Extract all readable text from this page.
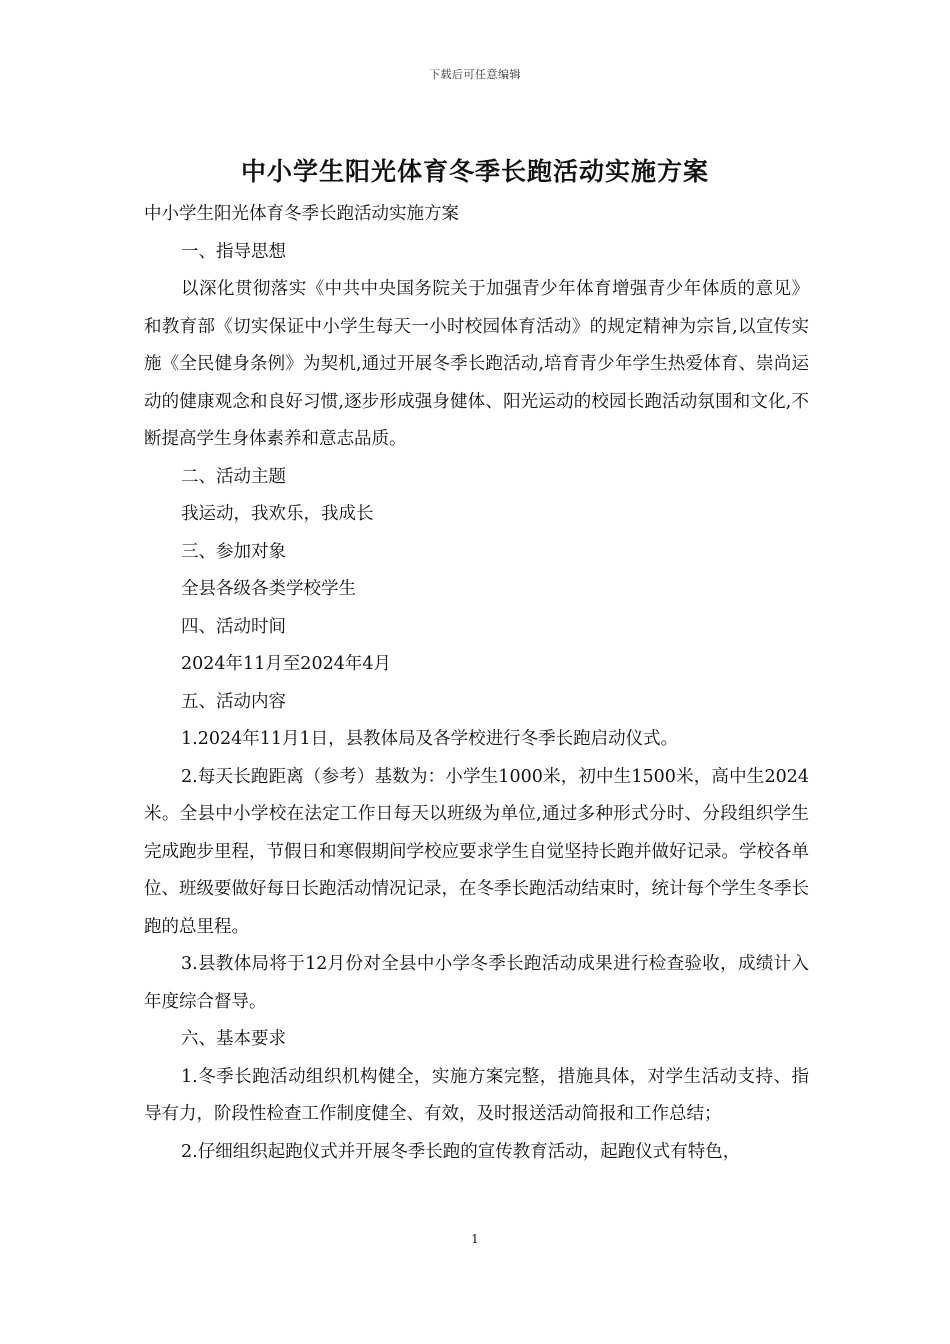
下载后可任意编辑
中小学生阳光体育冬季长跑活动实施方案

中小学生阳光体育冬季长跑活动实施方案

一、指导思想

以深化贯彻落实《中共中央国务院关于加强青少年体育增强青少年体质的意见》和教育部《切实保证中小学生每天一小时校园体育活动》的规定精神为宗旨,以宣传实施《全民健身条例》为契机,通过开展冬季长跑活动,培育青少年学生热爱体育、崇尚运动的健康观念和良好习惯,逐步形成强身健体、阳光运动的校园长跑活动氛围和文化,不断提高学生身体素养和意志品质。

二、活动主题

我运动，我欢乐，我成长

三、参加对象

全县各级各类学校学生

四、活动时间

2024年11月至2024年4月

五、活动内容

1.2024年11月1日，县教体局及各学校进行冬季长跑启动仪式。

2.每天长跑距离（参考）基数为：小学生1000米，初中生1500米，高中生2024米。全县中小学校在法定工作日每天以班级为单位,通过多种形式分时、分段组织学生完成跑步里程，节假日和寒假期间学校应要求学生自觉坚持长跑并做好记录。学校各单位、班级要做好每日长跑活动情况记录，在冬季长跑活动结束时，统计每个学生冬季长跑的总里程。

3.县教体局将于12月份对全县中小学冬季长跑活动成果进行检查验收，成绩计入年度综合督导。

六、基本要求

1.冬季长跑活动组织机构健全，实施方案完整，措施具体，对学生活动支持、指导有力，阶段性检查工作制度健全、有效，及时报送活动简报和工作总结；

2.仔细组织起跑仪式并开展冬季长跑的宣传教育活动，起跑仪式有特色，

1
